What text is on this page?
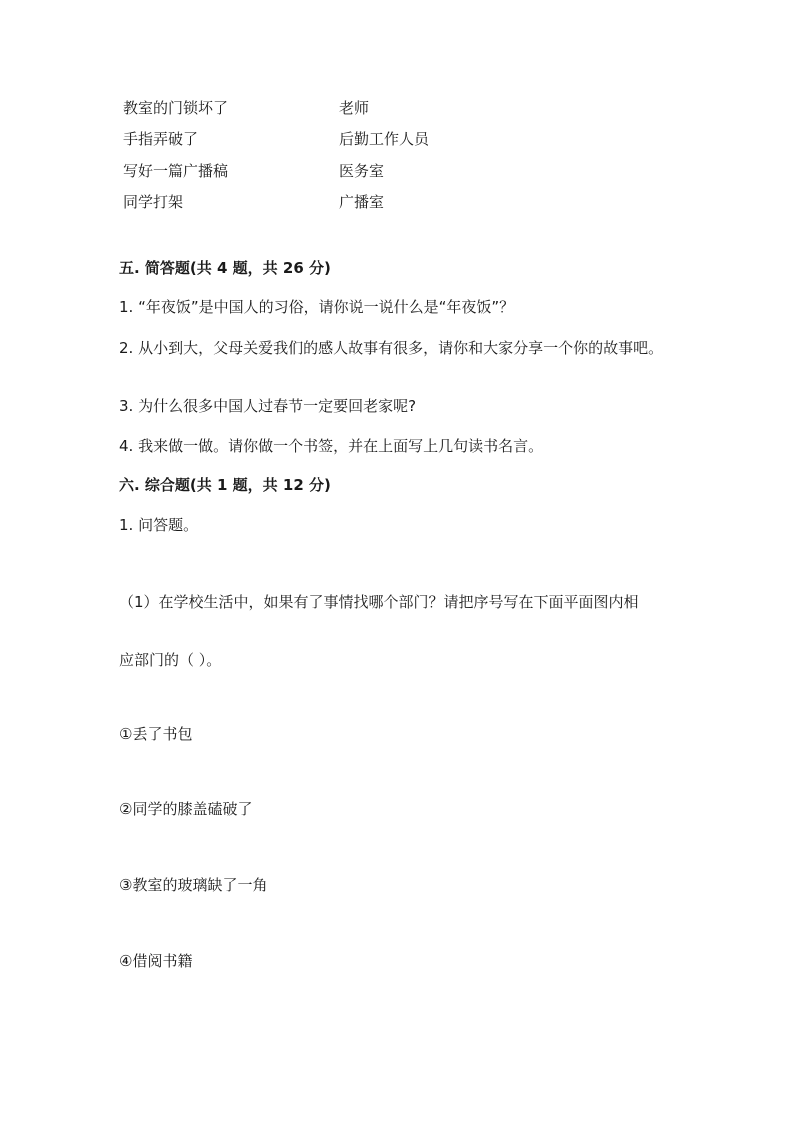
教室的门锁坏了	老师
手指弄破了	后勤工作人员
写好一篇广播稿	医务室
同学打架	广播室
五. 简答题(共 4 题，共 26 分)
1. “年夜饭”是中国人的习俗，请你说一说什么是“年夜饭”？
2. 从小到大，父母关爱我们的感人故事有很多，请你和大家分享一个你的故事吧。
3. 为什么很多中国人过春节一定要回老家呢?
4. 我来做一做。请你做一个书签，并在上面写上几句读书名言。
六. 综合题(共 1 题，共 12 分)
1. 问答题。
（1）在学校生活中，如果有了事情找哪个部门？请把序号写在下面平面图内相
应部门的（ ）。
①丢了书包
②同学的膝盖磕破了
③教室的玻璃缺了一角
④借阅书籍
